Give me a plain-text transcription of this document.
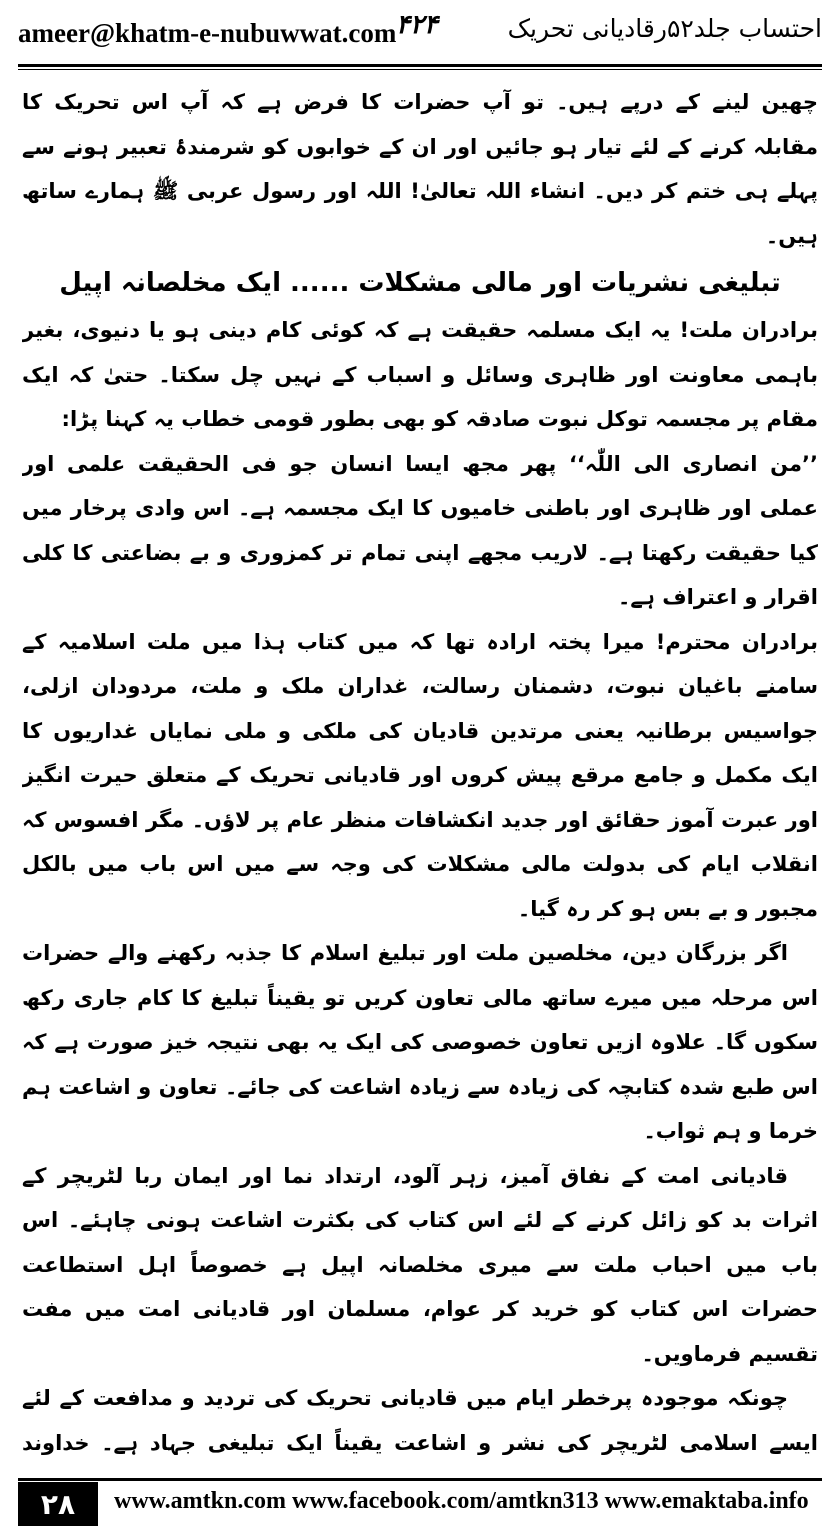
ameer@khatm-e-nubuwwat.com ۴۲۴	احتساب جلد۵۲رقادیانی تحریک

چھین لینے کے درپے ہیں۔ تو آپ حضرات کا فرض ہے کہ آپ اس تحریک کا مقابلہ کرنے کے لئے تیار ہو جائیں اور ان کے خوابوں کو شرمندۂ تعبیر ہونے سے پہلے ہی ختم کر دیں۔ انشاء اللہ تعالیٰ! اللہ اور رسول عربی ﷺ ہمارے ساتھ ہیں۔

تبلیغی نشریات اور مالی مشکلات ...... ایک مخلصانہ اپیل

برادران ملت! یہ ایک مسلمہ حقیقت ہے کہ کوئی کام دینی ہو یا دنیوی، بغیر باہمی معاونت اور ظاہری وسائل و اسباب کے نہیں چل سکتا۔ حتیٰ کہ ایک مقام پر مجسمہ توکل نبوت صادقہ کو بھی بطور قومی خطاب یہ کہنا پڑا:

’’من انصاری الی اللّٰہ‘‘ پھر مجھ ایسا انسان جو فی الحقیقت علمی اور عملی اور ظاہری اور باطنی خامیوں کا ایک مجسمہ ہے۔ اس وادی پرخار میں کیا حقیقت رکھتا ہے۔ لاریب مجھے اپنی تمام تر کمزوری و بے بضاعتی کا کلی اقرار و اعتراف ہے۔

برادران محترم! میرا پختہ ارادہ تھا کہ میں کتاب ہذا میں ملت اسلامیہ کے سامنے باغیان نبوت، دشمنان رسالت، غداران ملک و ملت، مردودان ازلی، جواسیس برطانیہ یعنی مرتدین قادیان کی ملکی و ملی نمایاں غداریوں کا ایک مکمل و جامع مرقع پیش کروں اور قادیانی تحریک کے متعلق حیرت انگیز اور عبرت آموز حقائق اور جدید انکشافات منظر عام پر لاؤں۔ مگر افسوس کہ انقلاب ایام کی بدولت مالی مشکلات کی وجہ سے میں اس باب میں بالکل مجبور و بے بس ہو کر رہ گیا۔

اگر بزرگان دین، مخلصین ملت اور تبلیغ اسلام کا جذبہ رکھنے والے حضرات اس مرحلہ میں میرے ساتھ مالی تعاون کریں تو یقیناً تبلیغ کا کام جاری رکھ سکوں گا۔ علاوہ ازیں تعاون خصوصی کی ایک یہ بھی نتیجہ خیز صورت ہے کہ اس طبع شدہ کتابچہ کی زیادہ سے زیادہ اشاعت کی جائے۔ تعاون و اشاعت ہم خرما و ہم ثواب۔

قادیانی امت کے نفاق آمیز، زہر آلود، ارتداد نما اور ایمان ربا لٹریچر کے اثرات بد کو زائل کرنے کے لئے اس کتاب کی بکثرت اشاعت ہونی چاہئے۔ اس باب میں احباب ملت سے میری مخلصانہ اپیل ہے خصوصاً اہل استطاعت حضرات اس کتاب کو خرید کر عوام، مسلمان اور قادیانی امت میں مفت تقسیم فرماویں۔

چونکہ موجودہ پرخطر ایام میں قادیانی تحریک کی تردید و مدافعت کے لئے ایسے اسلامی لٹریچر کی نشر و اشاعت یقیناً ایک تبلیغی جہاد ہے۔ خداوند

۲۸	www.amtkn.com www.facebook.com/amtkn313 www.emaktaba.info
